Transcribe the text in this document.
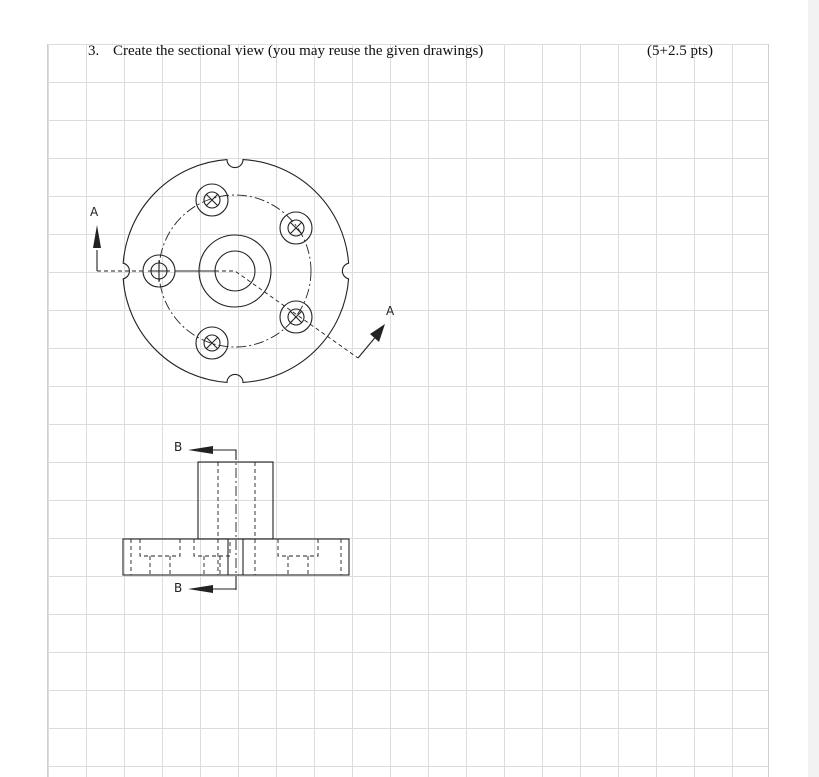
3. Create the sectional view (you may reuse the given drawings)	(5+2.5 pts)
A
A
B
B
